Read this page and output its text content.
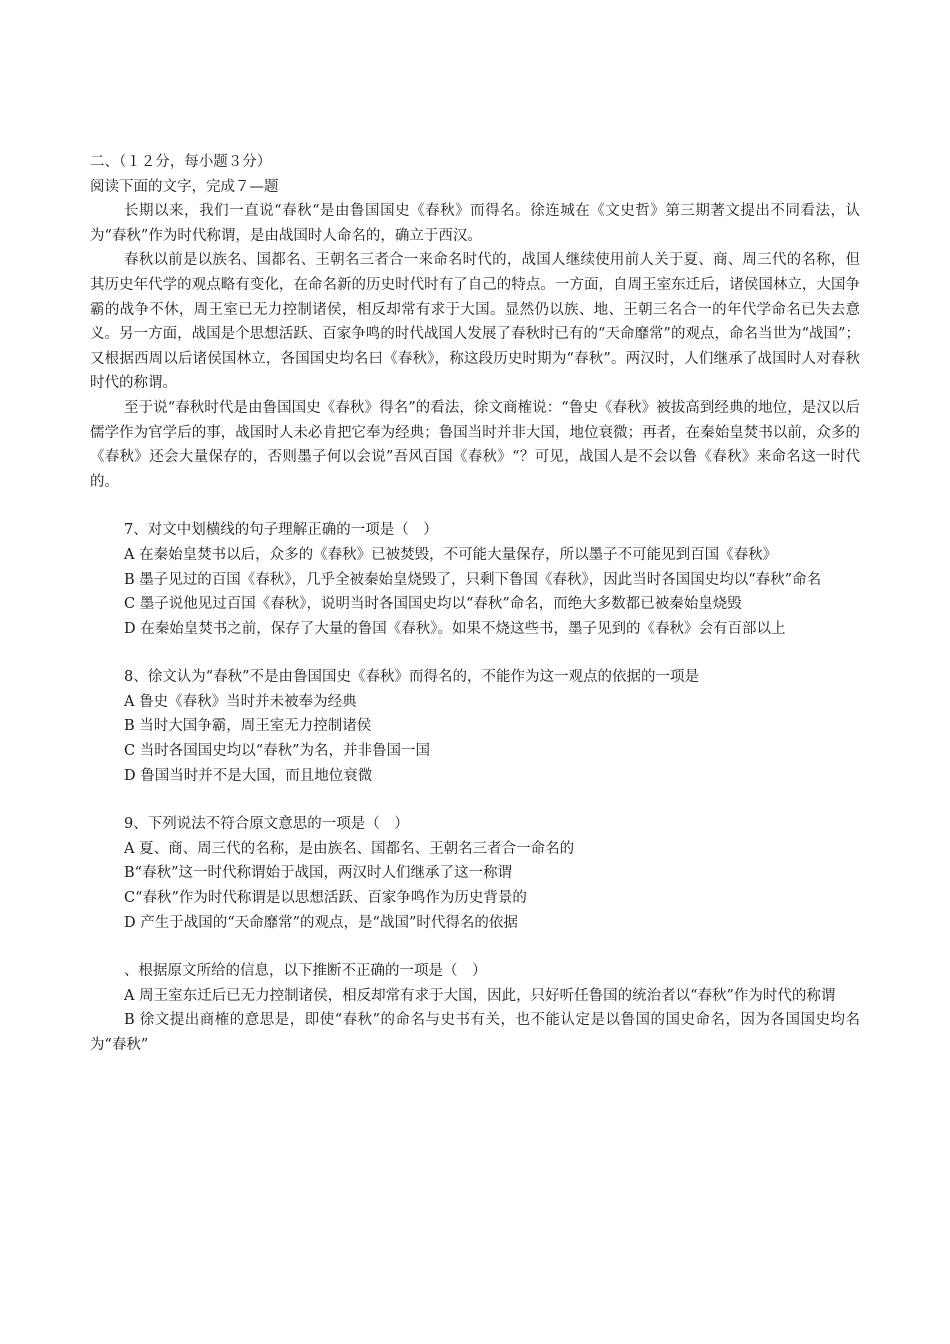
二、（１２分，每小题３分）

阅读下面的文字，完成７—题

长期以来，我们一直说“春秋“是由鲁国国史《春秋》而得名。徐连城在《文史哲》第三期著文提出不同看法，认为“春秋”作为时代称谓，是由战国时人命名的，确立于西汉。

春秋以前是以族名、国都名、王朝名三者合一来命名时代的，战国人继续使用前人关于夏、商、周三代的名称，但其历史年代学的观点略有变化，在命名新的历史时代时有了自己的特点。一方面，自周王室东迁后，诸侯国林立，大国争霸的战争不休，周王室已无力控制诸侯，相反却常有求于大国。显然仍以族、地、王朝三名合一的年代学命名已失去意义。另一方面，战国是个思想活跃、百家争鸣的时代战国人发展了春秋时已有的“天命靡常”的观点，命名当世为“战国”；又根据西周以后诸侯国林立，各国国史均名曰《春秋》，称这段历史时期为“春秋”。两汉时，人们继承了战国时人对春秋时代的称谓。

至于说“春秋时代是由鲁国国史《春秋》得名”的看法，徐文商榷说：“鲁史《春秋》被拔高到经典的地位，是汉以后儒学作为官学后的事，战国时人未必肯把它奉为经典；鲁国当时并非大国，地位衰微；再者，在秦始皇焚书以前，众多的《春秋》还会大量保存的，否则墨子何以会说”吾风百国《春秋》“？可见，战国人是不会以鲁《春秋》来命名这一时代的。

7、对文中划横线的句子理解正确的一项是（　）

A 在秦始皇焚书以后，众多的《春秋》已被焚毁，不可能大量保存，所以墨子不可能见到百国《春秋》

B 墨子见过的百国《春秋》，几乎全被秦始皇烧毁了，只剩下鲁国《春秋》，因此当时各国国史均以“春秋”命名

C 墨子说他见过百国《春秋》，说明当时各国国史均以“春秋”命名，而绝大多数都已被秦始皇烧毁

D 在秦始皇焚书之前，保存了大量的鲁国《春秋》。如果不烧这些书，墨子见到的《春秋》会有百部以上

8、徐文认为“春秋”不是由鲁国国史《春秋》而得名的，不能作为这一观点的依据的一项是

A 鲁史《春秋》当时并未被奉为经典

B 当时大国争霸，周王室无力控制诸侯

C 当时各国国史均以“春秋”为名，并非鲁国一国

D 鲁国当时并不是大国，而且地位衰微

9、下列说法不符合原文意思的一项是（　）

A 夏、商、周三代的名称，是由族名、国都名、王朝名三者合一命名的

B“春秋”这一时代称谓始于战国，两汉时人们继承了这一称谓

C“春秋”作为时代称谓是以思想活跃、百家争鸣作为历史背景的

D 产生于战国的“天命靡常”的观点，是“战国”时代得名的依据

、根据原文所给的信息，以下推断不正确的一项是（　）

A 周王室东迁后已无力控制诸侯，相反却常有求于大国，因此，只好听任鲁国的统治者以“春秋”作为时代的称谓

B 徐文提出商榷的意思是，即使“春秋”的命名与史书有关，也不能认定是以鲁国的国史命名，因为各国国史均名为“春秋”
